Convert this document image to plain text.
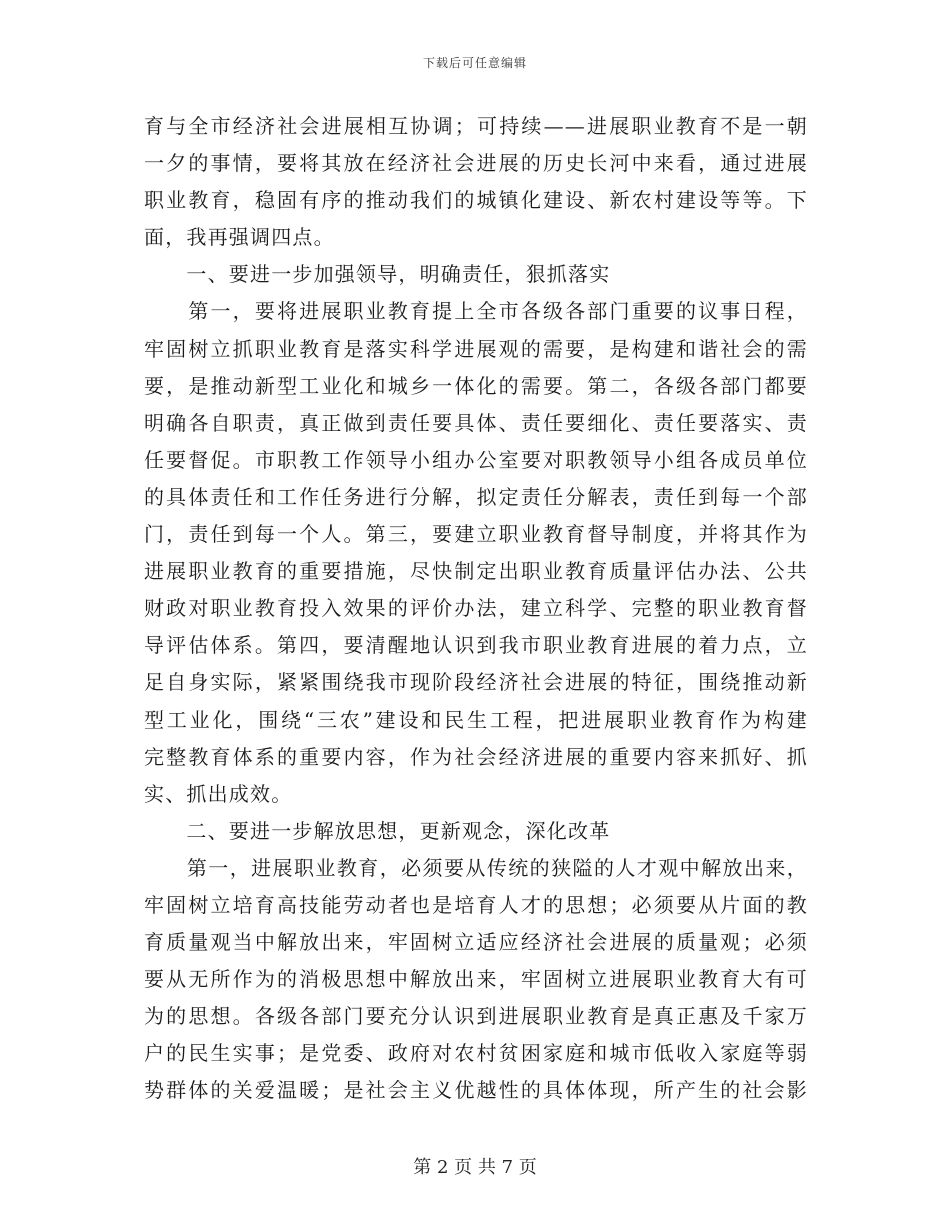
下载后可任意编辑
育与全市经济社会进展相互协调；可持续——进展职业教育不是一朝
一夕的事情，要将其放在经济社会进展的历史长河中来看，通过进展
职业教育，稳固有序的推动我们的城镇化建设、新农村建设等等。下
面，我再强调四点。
　　一、要进一步加强领导，明确责任，狠抓落实
　　第一，要将进展职业教育提上全市各级各部门重要的议事日程，
牢固树立抓职业教育是落实科学进展观的需要，是构建和谐社会的需
要，是推动新型工业化和城乡一体化的需要。第二，各级各部门都要
明确各自职责，真正做到责任要具体、责任要细化、责任要落实、责
任要督促。市职教工作领导小组办公室要对职教领导小组各成员单位
的具体责任和工作任务进行分解，拟定责任分解表，责任到每一个部
门，责任到每一个人。第三，要建立职业教育督导制度，并将其作为
进展职业教育的重要措施，尽快制定出职业教育质量评估办法、公共
财政对职业教育投入效果的评价办法，建立科学、完整的职业教育督
导评估体系。第四，要清醒地认识到我市职业教育进展的着力点，立
足自身实际，紧紧围绕我市现阶段经济社会进展的特征，围绕推动新
型工业化，围绕“三农”建设和民生工程，把进展职业教育作为构建
完整教育体系的重要内容，作为社会经济进展的重要内容来抓好、抓
实、抓出成效。
　　二、要进一步解放思想，更新观念，深化改革
　　第一，进展职业教育，必须要从传统的狭隘的人才观中解放出来，
牢固树立培育高技能劳动者也是培育人才的思想；必须要从片面的教
育质量观当中解放出来，牢固树立适应经济社会进展的质量观；必须
要从无所作为的消极思想中解放出来，牢固树立进展职业教育大有可
为的思想。各级各部门要充分认识到进展职业教育是真正惠及千家万
户的民生实事；是党委、政府对农村贫困家庭和城市低收入家庭等弱
势群体的关爱温暖；是社会主义优越性的具体体现，所产生的社会影
第 2 页 共 7 页
